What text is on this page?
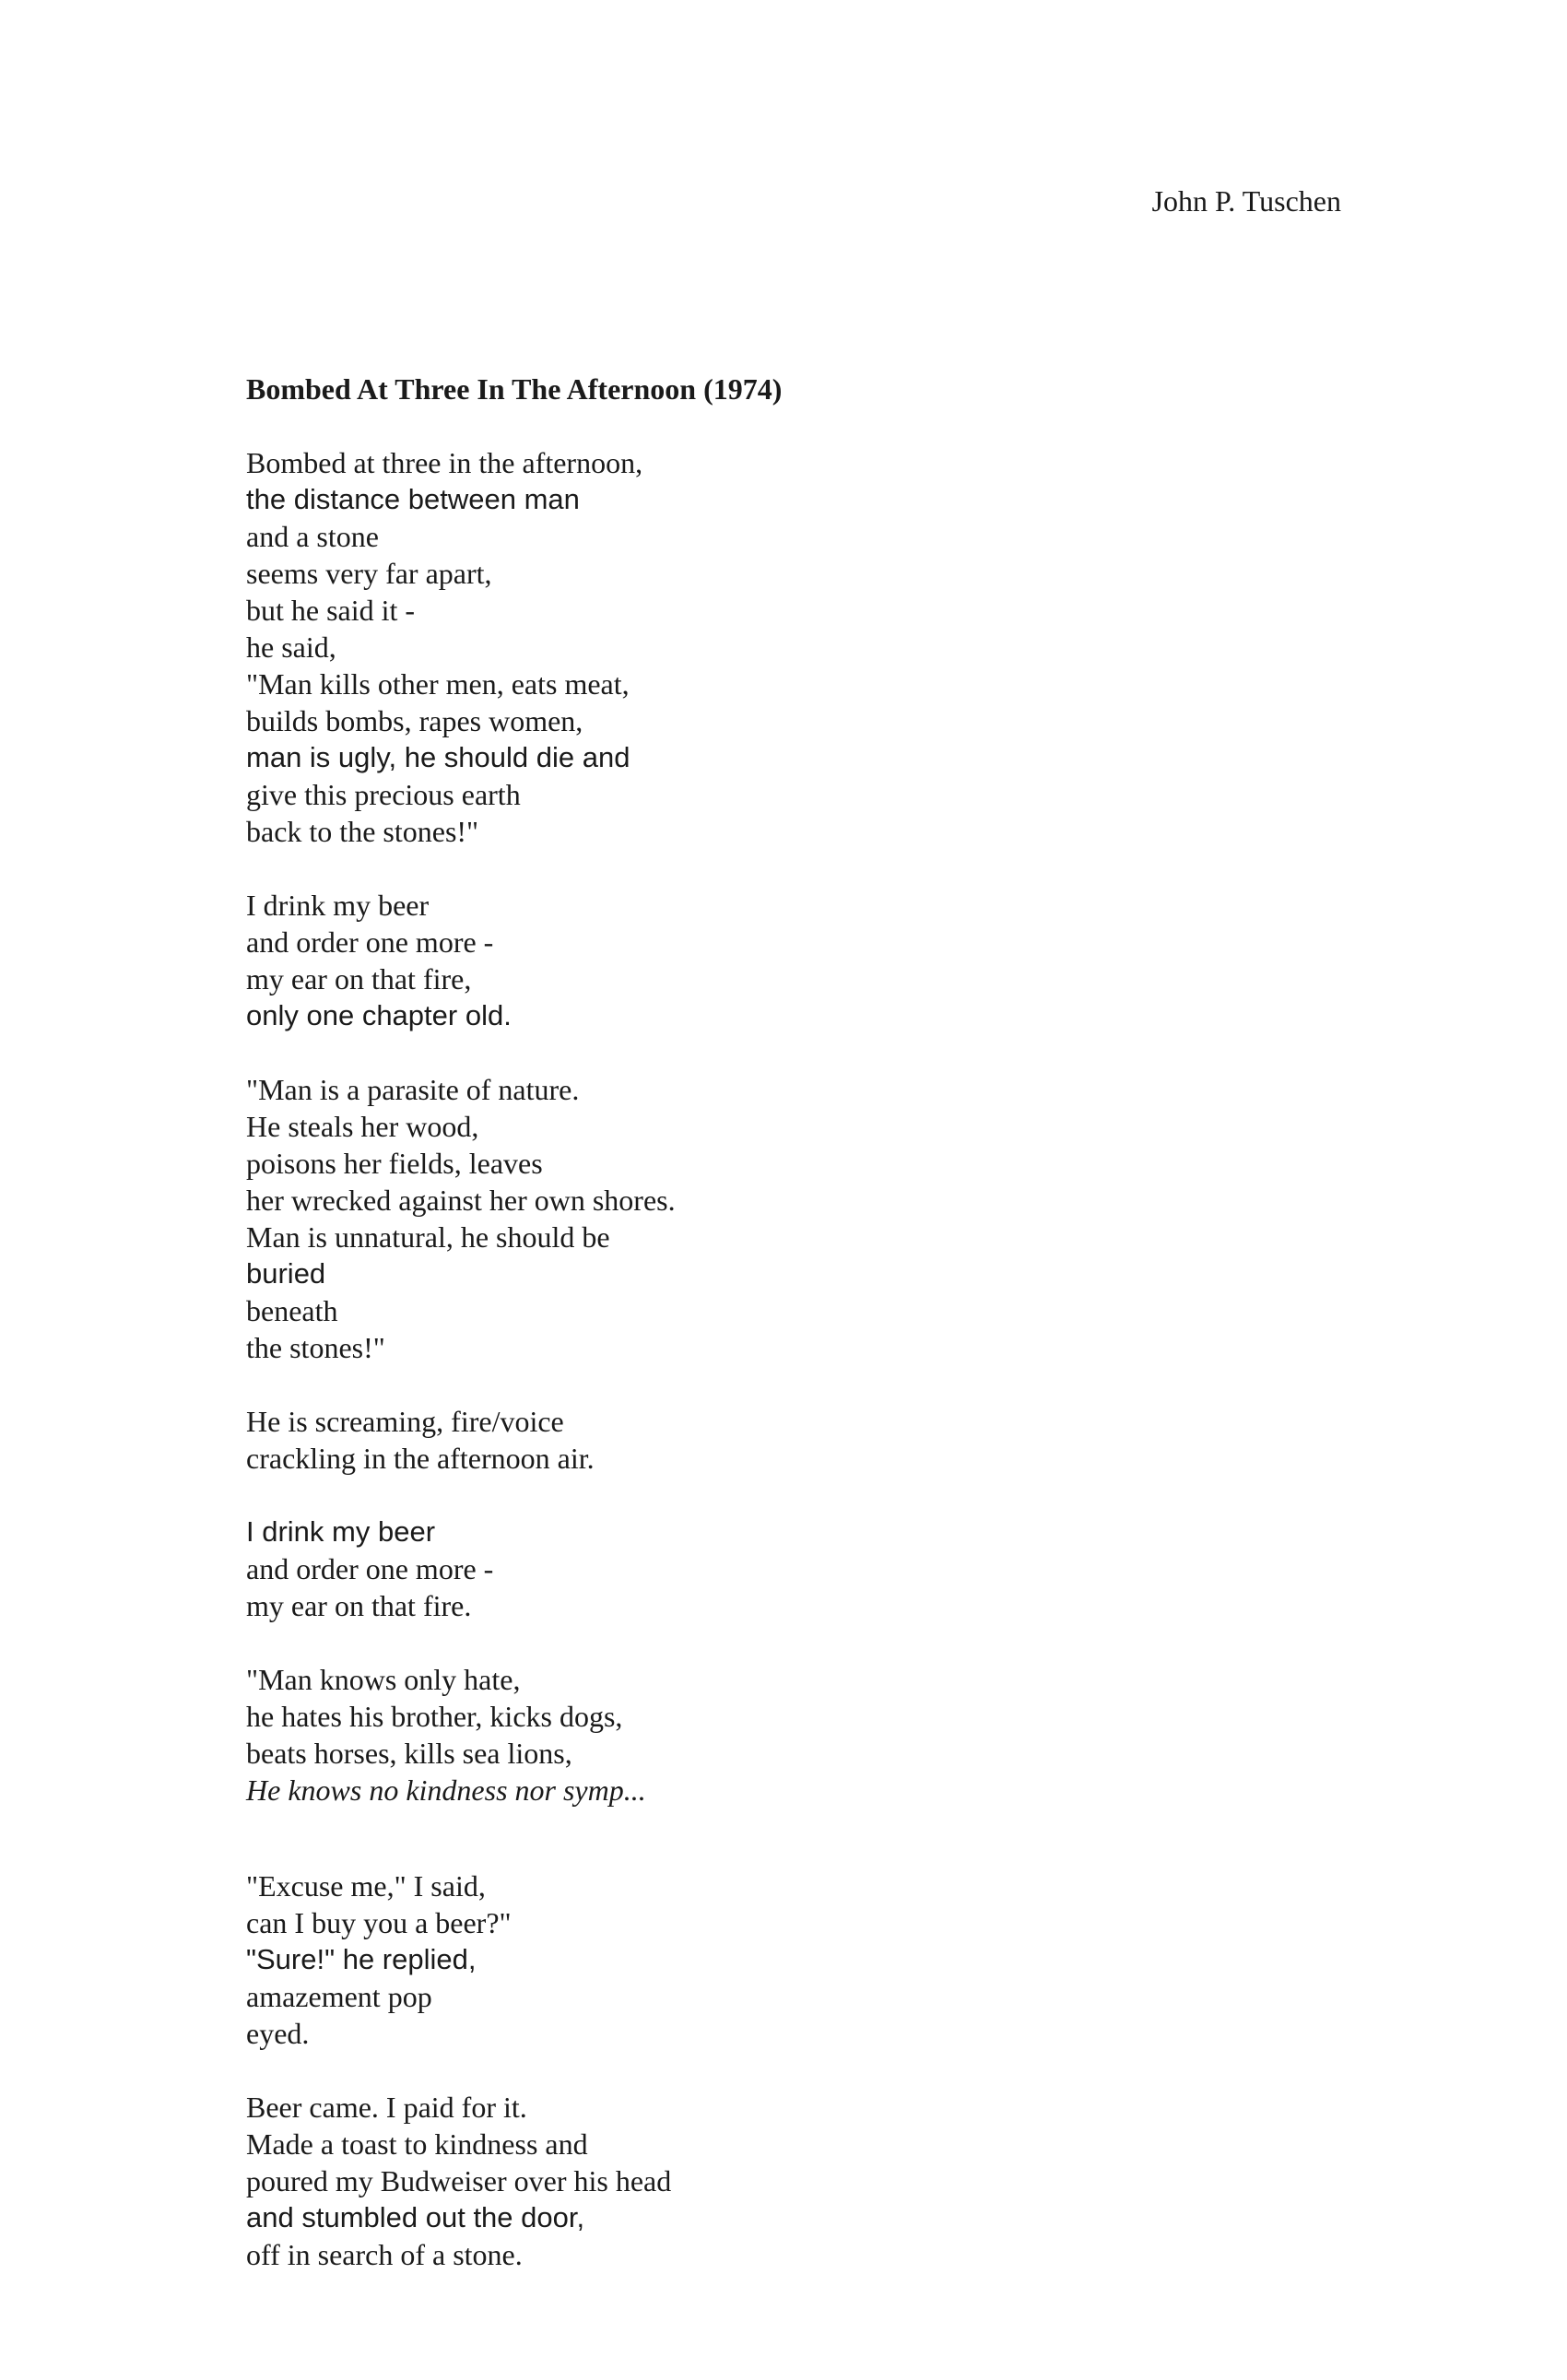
John P. Tuschen
Bombed At Three In The Afternoon (1974)
Bombed at three in the afternoon,
the distance between man
and a stone
seems very far apart,
but he said it -
he said,
"Man kills other men, eats meat,
builds bombs, rapes women,
man is ugly, he should die and
give this precious earth
back to the stones!"
I drink my beer
and order one more -
my ear on that fire,
only one chapter old.
"Man is a parasite of nature.
He steals her wood,
poisons her fields, leaves
her wrecked against her own shores.
Man is unnatural, he should be
buried
beneath
the stones!"
He is screaming, fire/voice
crackling in the afternoon air.
I drink my beer
and order one more -
my ear on that fire.
"Man knows only hate,
he hates his brother, kicks dogs,
beats horses, kills sea lions,
He knows no kindness nor symp...
"Excuse me," I said,
can I buy you a beer?"
"Sure!" he replied,
amazement pop
eyed.
Beer came. I paid for it.
Made a toast to kindness and
poured my Budweiser over his head
and stumbled out the door,
off in search of a stone.
